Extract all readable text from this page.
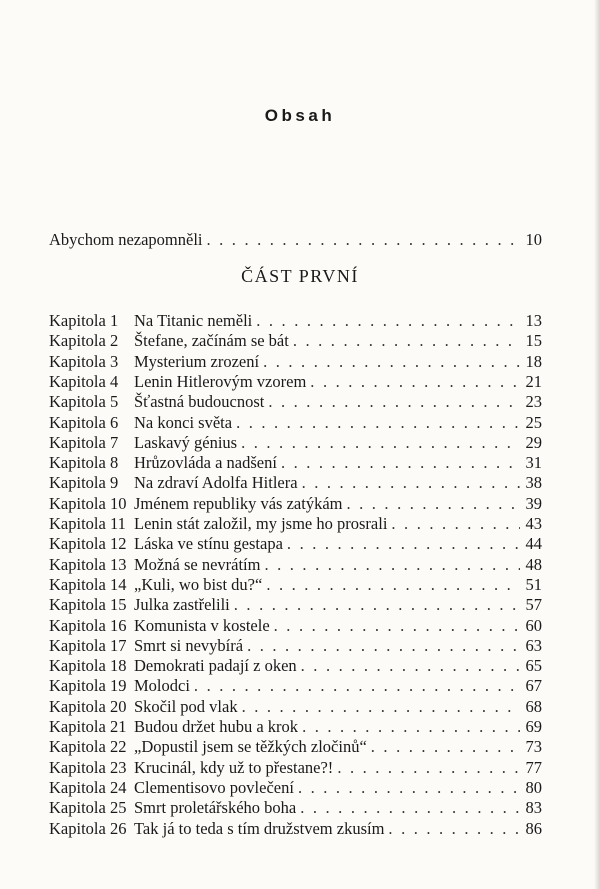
Obsah
Abychom nezapomněli . . .	10
ČÁST PRVNÍ
Kapitola 1 Na Titanic neměli . . .	13
Kapitola 2 Štefane, začínám se bát . . .	15
Kapitola 3 Mysterium zrození . . .	18
Kapitola 4 Lenin Hitlerovým vzorem . . .	21
Kapitola 5 Šťastná budoucnost . . .	23
Kapitola 6 Na konci světa . . .	25
Kapitola 7 Laskavý génius . . .	29
Kapitola 8 Hrůzovláda a nadšení . . .	31
Kapitola 9 Na zdraví Adolfa Hitlera . . .	38
Kapitola 10 Jménem republiky vás zatýkám . . .	39
Kapitola 11 Lenin stát založil, my jsme ho prosrali . . .	43
Kapitola 12 Láska ve stínu gestapa . . .	44
Kapitola 13 Možná se nevrátím . . .	48
Kapitola 14 „Kuli, wo bist du?“ . . .	51
Kapitola 15 Julka zastřelili . . .	57
Kapitola 16 Komunista v kostele . . .	60
Kapitola 17 Smrt si nevybírá . . .	63
Kapitola 18 Demokrati padají z oken . . .	65
Kapitola 19 Molodci . . .	67
Kapitola 20 Skočil pod vlak . . .	68
Kapitola 21 Budou držet hubu a krok . . .	69
Kapitola 22 „Dopustil jsem se těžkých zločinů“ . . .	73
Kapitola 23 Krucinál, kdy už to přestane?! . . .	77
Kapitola 24 Clementisovo povlečení . . .	80
Kapitola 25 Smrt proletářského boha . . .	83
Kapitola 26 Tak já to teda s tím družstvem zkusím . . .	86
